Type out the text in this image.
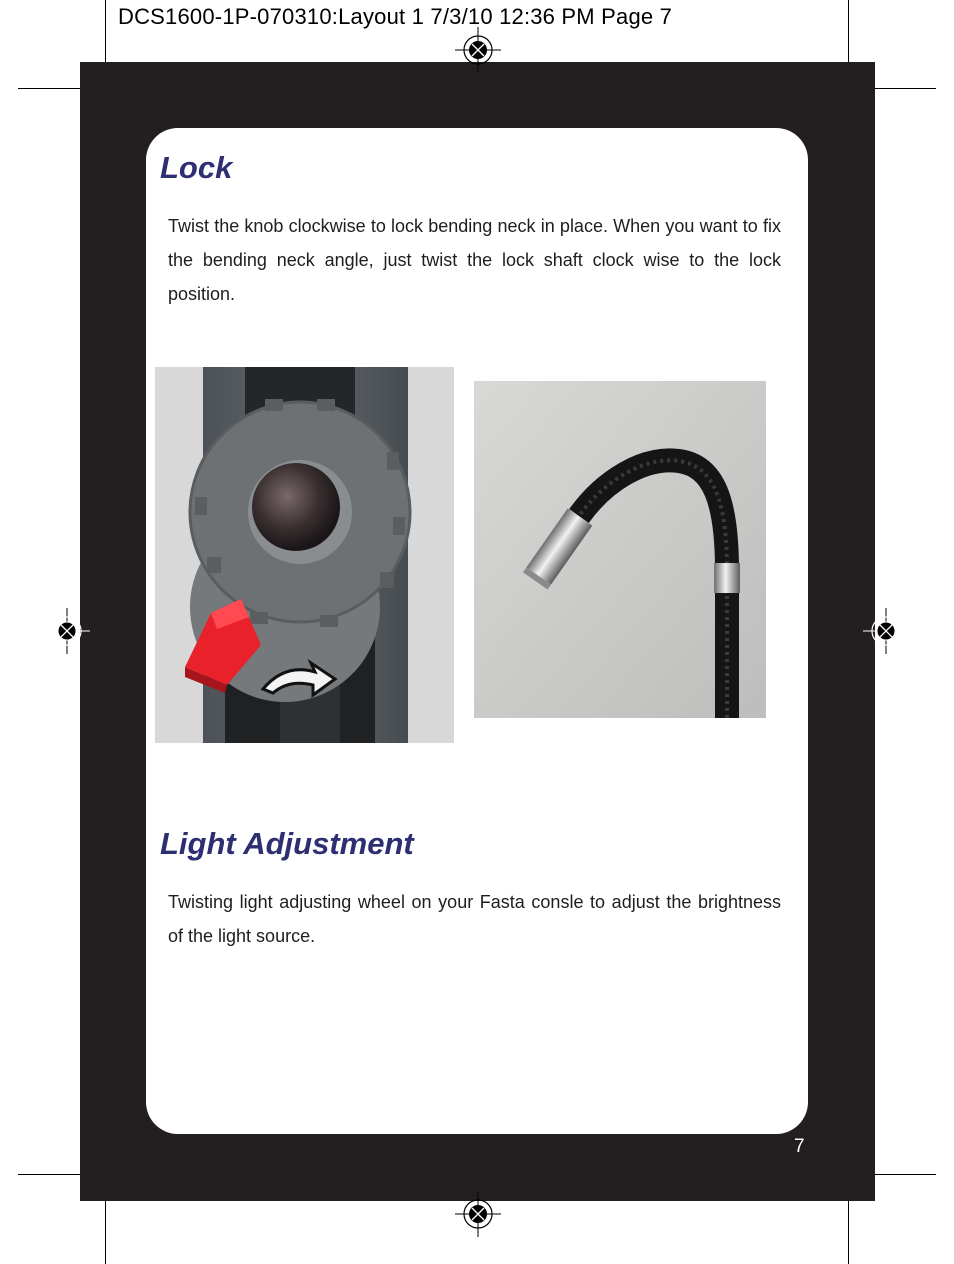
DCS1600-1P-070310:Layout 1 7/3/10 12:36 PM Page 7
Lock

Twist the knob clockwise to lock bending neck in place. When you want to fix the bending neck angle, just twist the lock shaft clock wise to the lock position.

Light Adjustment

Twisting light adjusting wheel on your Fasta consle to adjust the brightness of the light source.

7
